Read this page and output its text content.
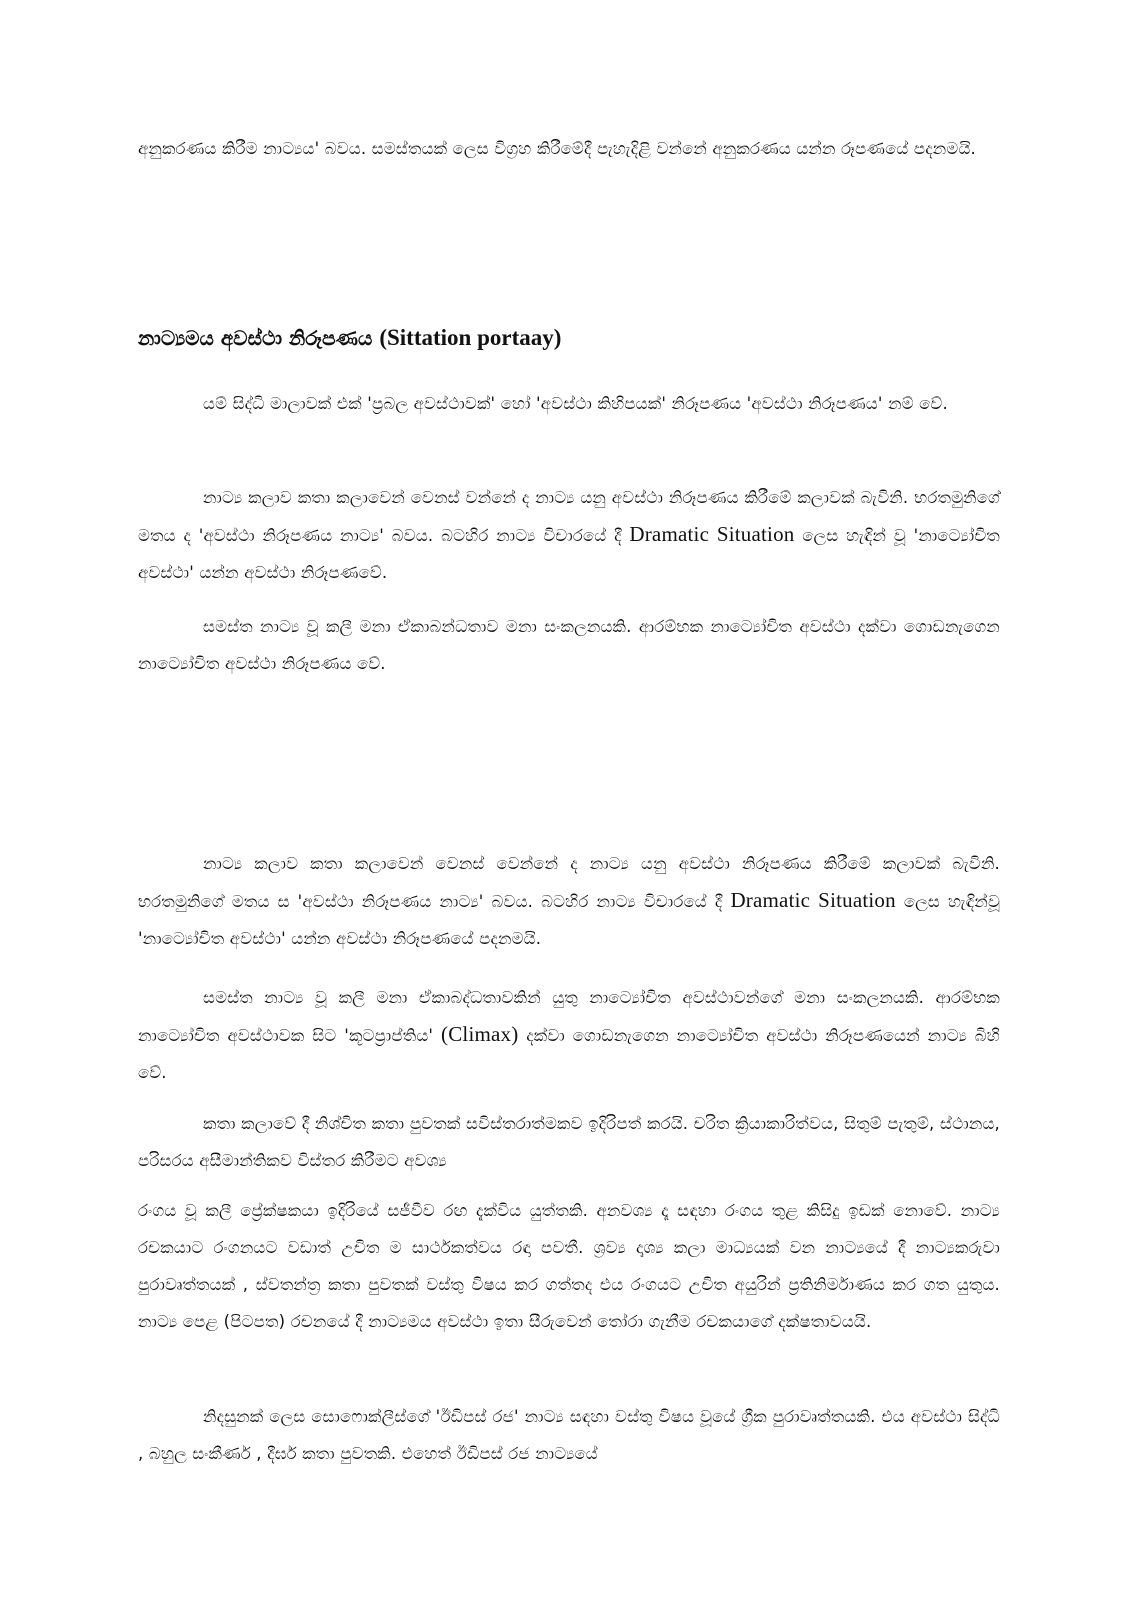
අනුකරණය කිරීම නාට්‍යය' බවය. සමස්තයක් ලෙස විග්‍රහ කිරීමේදී පැහැදිළි වන්නේ අනුකරණය යන්න රූපණයේ පදනමයි.

නාට්‍යමය අවස්ථා නිරූපණය (Sittation portaay)

යම් සිද්ධි මාලාවක් එක් 'ප්‍රබල අවස්ථාවක්' හෝ 'අවස්ථා කිහිපයක්' නිරූපණය 'අවස්ථා නිරූපණය' නම් වේ.

නාට්‍ය කලාව කතා කලාවෙන් වෙනස් වන්නේ ද නාට්‍ය යනු අවස්ථා නිරූපණය කිරීමේ කලාවක් බැවිනි. භරතමුනිගේ මතය ද 'අවස්ථා නිරූපණය නාට්‍ය' බවය. බටහිර නාට්‍ය විචාරයේ දී Dramatic Situation ලෙස හැඳින් වූ 'නාට්‍යෝචිත අවස්ථා' යන්න අවස්ථා නිරූපණවේ.

සමස්ත නාට්‍ය වූ කලී මනා ඒකාබන්ධතාව මනා සංකලනයකි. ආරම්භක නාට්‍යෝචිත අවස්ථා දක්වා ගොඩනැගෙන නාට්‍යෝචිත අවස්ථා නිරූපණය වේ.

නාට්‍ය කලාව කතා කලාවෙන් වෙනස් වෙන්නේ ද නාට්‍ය යනු අවස්ථා නිරූපණය කිරීමේ කලාවක් බැවිනි. භරතමුනිගේ මතය ස 'අවස්ථා නිරූපණය නාට්‍ය' බවය. බටහිර නාට්‍ය විචාරයේ දී Dramatic Situation ලෙස හැඳින්වූ 'නාට්‍යෝචිත අවස්ථා' යන්න අවස්ථා නිරූපණයේ පදනමයි.

සමස්ත නාට්‍ය වූ කලී මනා ඒකාබද්ධතාවකින් යුතු නාට්‍යෝචිත අවස්ථාවන්ගේ මනා සංකලනයකි. ආරම්භක නාට්‍යෝචිත අවස්ථාවක සිට 'කූටප්‍රාප්තිය' (Climax) දක්වා ගොඩනැගෙන නාට්‍යෝචිත අවස්ථා නිරූපණයෙන් නාට්‍ය බිහි වේ.

කතා කලාවේ දී නිශ්චිත කතා පුවතක් සවිස්තරාත්මකව ඉදිරිපත් කරයි. චරිත ක්‍රියාකාරිත්වය, සිතුම් පැතුම්, ස්ථානය, පරිසරය අසීමාන්තිකව විස්තර කිරීමට අවශ්‍ය

රංගය වූ කලී ප්‍රේක්ෂකයා ඉදිරියේ සජීවීව රඟ දැක්විය යුත්තකි. අනවශ්‍ය දෑ සඳහා රංගය තුළ කිසිදු ඉඩක් නොවේ. නාට්‍ය රචකයාට රංගනයට වඩාත් උචිත ම සාර්ථකත්වය රඳා පවතී. ශ්‍රව්‍ය දෘශ්‍ය කලා මාධ්‍යයක් වන නාට්‍යයේ දී නාට්‍යකරුවා පුරාවෘත්තයක් , ස්වතන්ත්‍ර කතා පුවතක් වස්තු විෂය කර ගත්තද එය රංගයට උචිත අයුරින් ප්‍රතිනිර්මාණය කර ගත යුතුය. නාට්‍ය පෙළ (පිටපත) රචනයේ දී නාට්‍යමය අවස්ථා ඉතා සීරුවෙන් තෝරා ගැනීම රචකයාගේ දක්ෂතාවයයි.

නිදසුනක් ලෙස සොෆොක්ලීස්ගේ 'ඊඩිපස් රජ' නාට්‍ය සඳහා වස්තු විෂය වූයේ ග්‍රීක පුරාවෘත්තයකි. එය අවස්ථා සිද්ධි , බහුල සංකීර්ණ , දීර්ඝ කතා පුවතකි. එහෙත් ඊඩිපස් රජ නාට්‍යයේ
